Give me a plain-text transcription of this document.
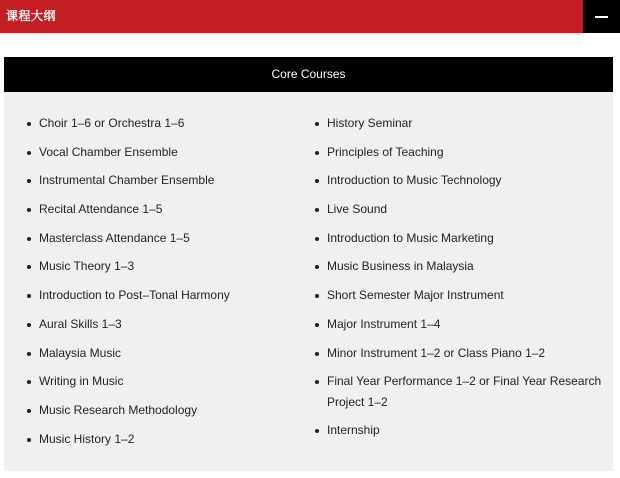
课程大纲
Core Courses
Choir 1–6 or Orchestra 1–6
Vocal Chamber Ensemble
Instrumental Chamber Ensemble
Recital Attendance 1–5
Masterclass Attendance 1–5
Music Theory 1–3
Introduction to Post–Tonal Harmony
Aural Skills 1–3
Malaysia Music
Writing in Music
Music Research Methodology
Music History 1–2
History Seminar
Principles of Teaching
Introduction to Music Technology
Live Sound
Introduction to Music Marketing
Music Business in Malaysia
Short Semester Major Instrument
Major Instrument 1–4
Minor Instrument 1–2 or Class Piano 1–2
Final Year Performance 1–2 or Final Year Research Project 1–2
Internship
